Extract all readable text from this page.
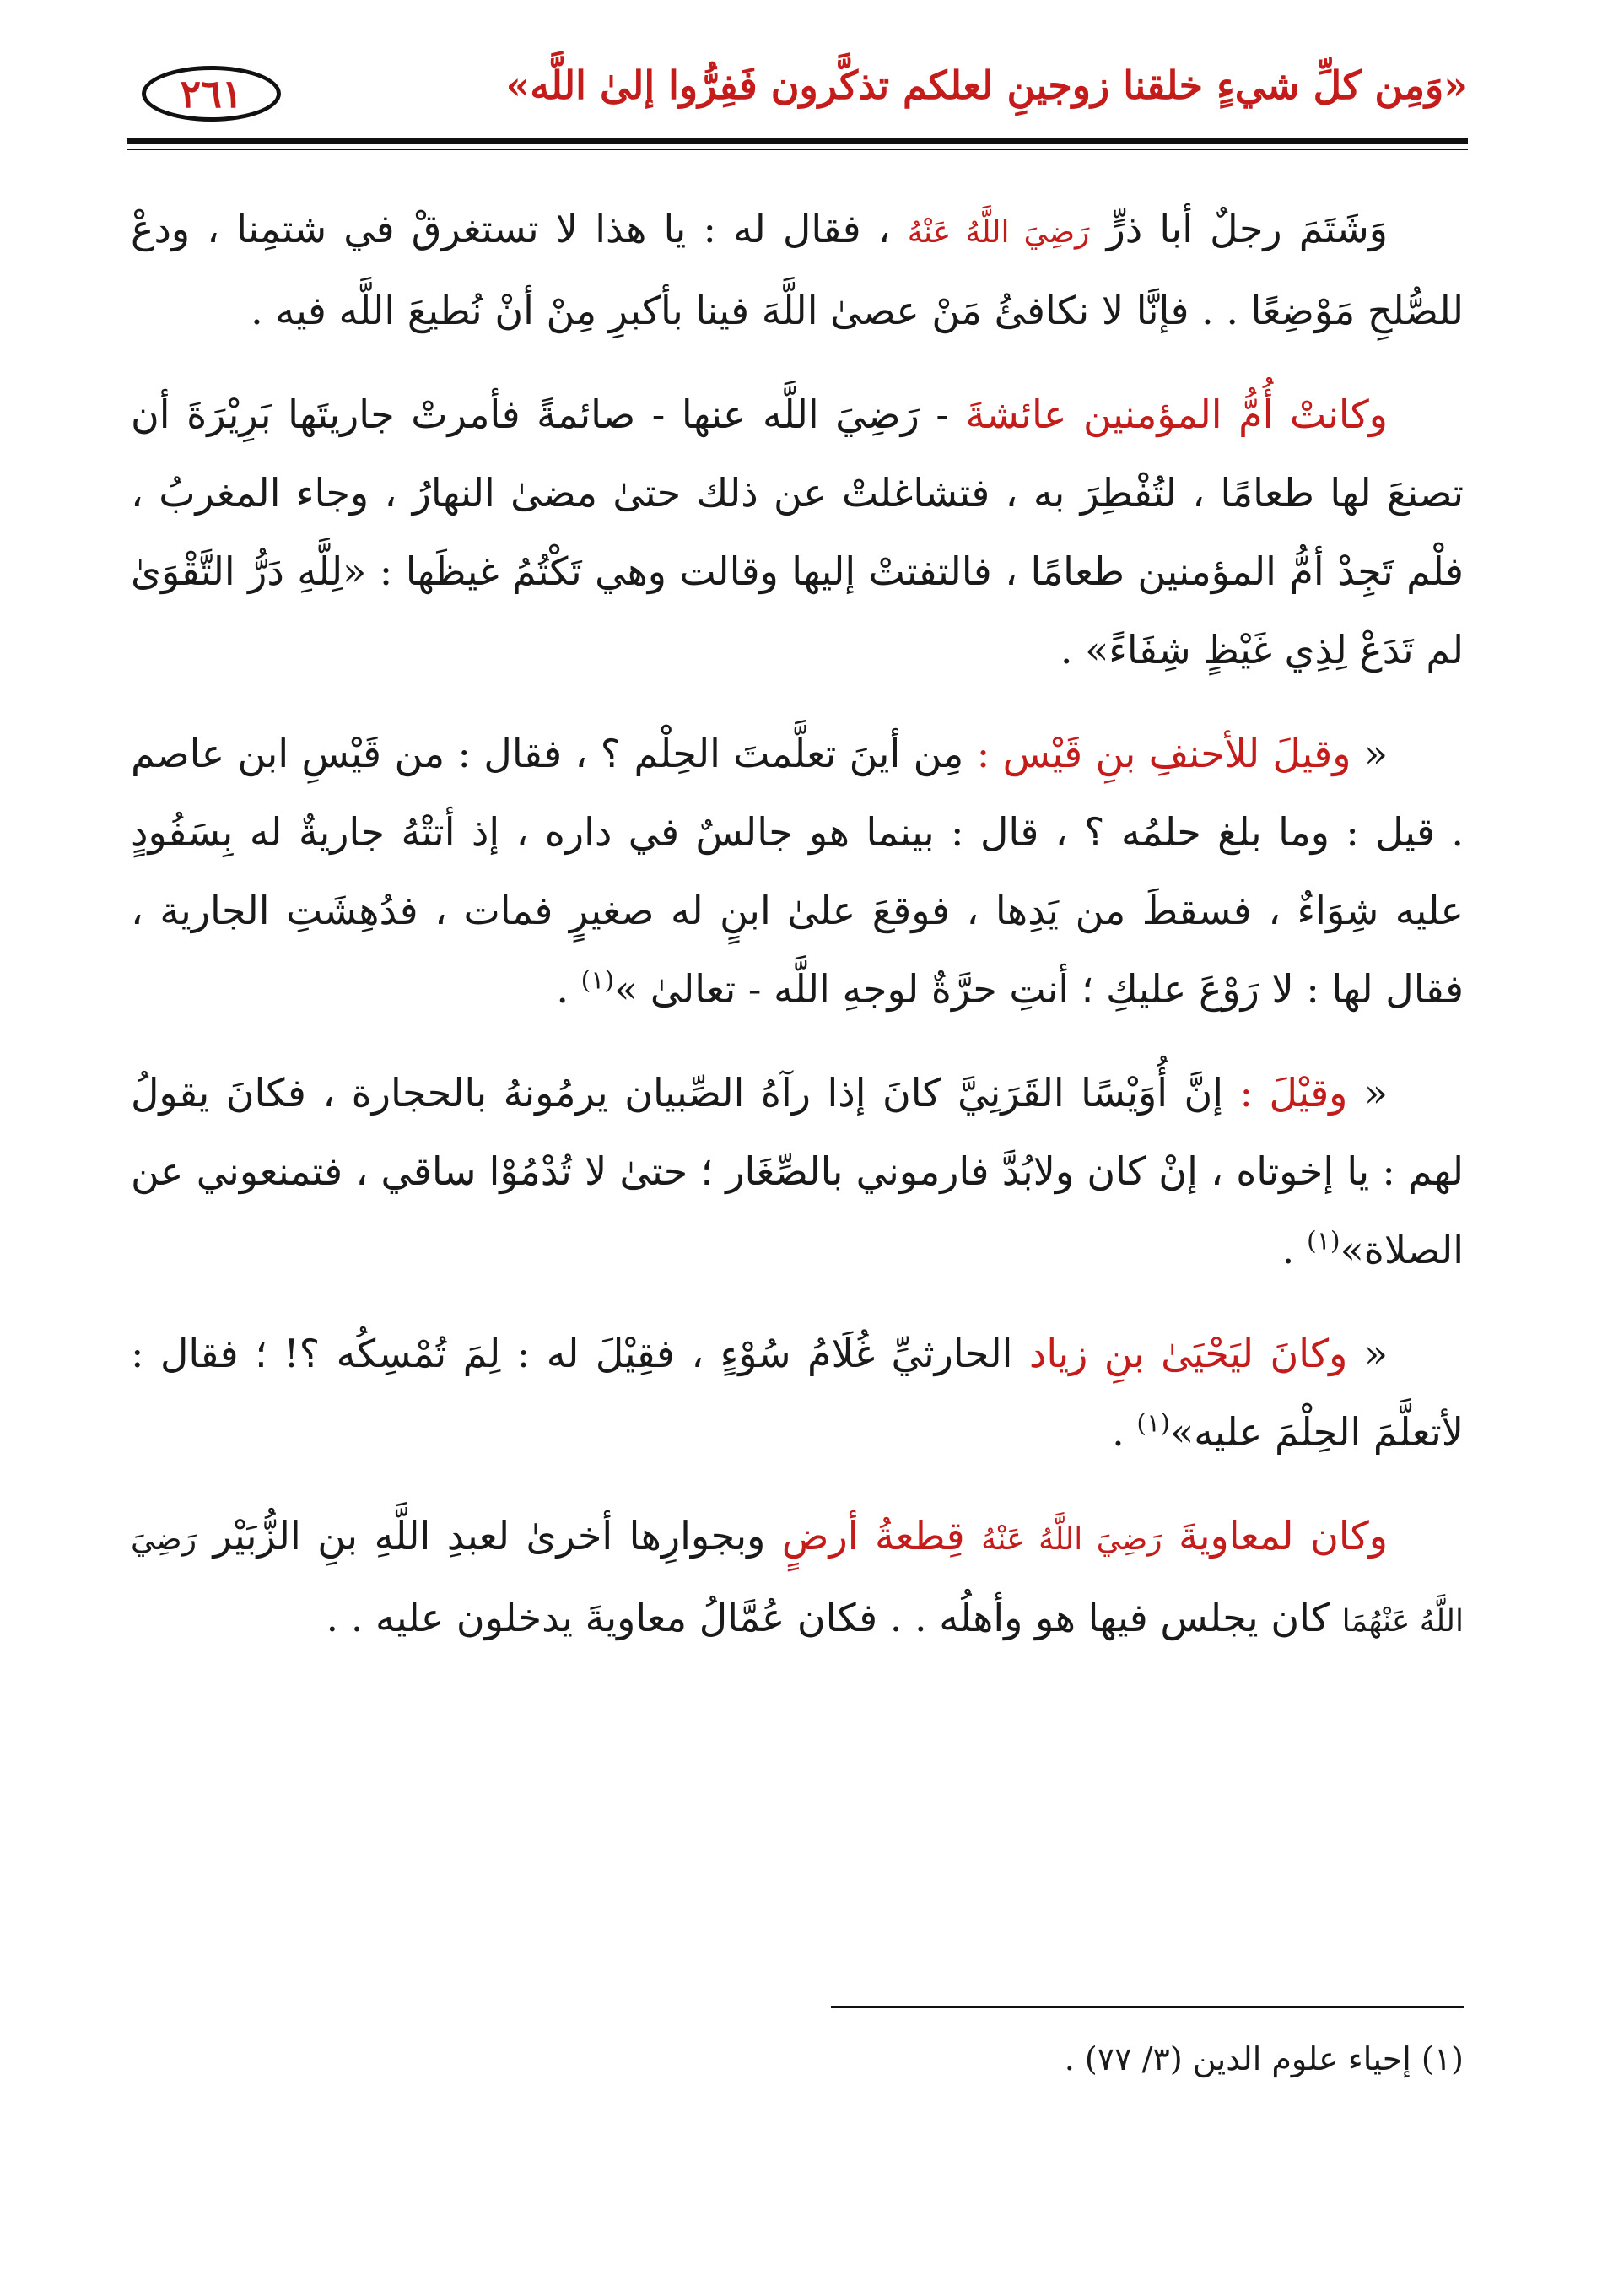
٢٦١	«وَمِن كلِّ شيءٍ خلقنا زوجينِ لعلكم تذكَّرون فَفِرُّوا إلىٰ اللَّه»

وَشَتَمَ رجلٌ أبا ذرٍّ رَضِيَ اللَّهُ عَنْهُ ، فقال له : يا هذا لا تستغرقْ في شتمِنا ، ودعْ للصُّلحِ مَوْضِعًا . . فإنَّا لا نكافئُ مَنْ عصىٰ اللَّهَ فينا بأكبرِ مِنْ أنْ نُطيعَ اللَّه فيه .

وكانتْ أُمُّ المؤمنين عائشةَ - رَضِيَ اللَّه عنها - صائمةً فأمرتْ جاريتَها بَرِيْرَةَ أن تصنعَ لها طعامًا ، لتُفْطِرَ به ، فتشاغلتْ عن ذلك حتىٰ مضىٰ النهارُ ، وجاء المغربُ ، فلْم تَجِدْ أمُّ المؤمنين طعامًا ، فالتفتتْ إليها وقالت وهي تَكْتُمُ غيظَها : «لِلَّهِ دَرُّ التَّقْوَىٰ لم تَدَعْ لِذِي غَيْظٍ شِفَاءً» .

« وقيلَ للأحنفِ بنِ قَيْس : مِن أينَ تعلَّمتَ الحِلْم ؟ ، فقال : من قَيْسِ ابن عاصم . قيل : وما بلغ حلمُه ؟ ، قال : بينما هو جالسٌ في داره ، إذ أتتْهُ جاريةٌ له بِسَفُودٍ عليه شِوَاءٌ ، فسقطَ من يَدِها ، فوقعَ علىٰ ابنٍ له صغيرٍ فمات ، فدُهِشَتِ الجارية ، فقال لها : لا رَوْعَ عليكِ ؛ أنتِ حرَّةٌ لوجهِ اللَّه - تعالىٰ »$^{(١)}$ .

« وقيْلَ : إنَّ أُوَيْسًا القَرَنِيَّ كانَ إذا رآهُ الصِّبيان يرمُونهُ بالحجارة ، فكانَ يقولُ لهم : يا إخوتاه ، إنْ كان ولابُدَّ فارموني بالصِّغَار ؛ حتىٰ لا تُدْمُوْا ساقي ، فتمنعوني عن الصلاة»$^{(١)}$ .

« وكانَ ليَحْيَىٰ بنِ زياد الحارثيِّ غُلَامُ سُوْءٍ ، فقِيْلَ له : لِمَ تُمْسِكُه ؟! ؛ فقال : لأتعلَّمَ الحِلْمَ عليه»$^{(١)}$ .

وكان لمعاويةَ رَضِيَ اللَّهُ عَنْهُ قِطعةُ أرضٍ وبجوارِها أخرىٰ لعبدِ اللَّهِ بنِ الزُّبَيْر رَضِيَ اللَّهُ عَنْهُمَا كان يجلس فيها هو وأهلُه . . فكان عُمَّالُ معاويةَ يدخلون عليه . .

(١) إحياء علوم الدين (٣/ ٧٧) .
